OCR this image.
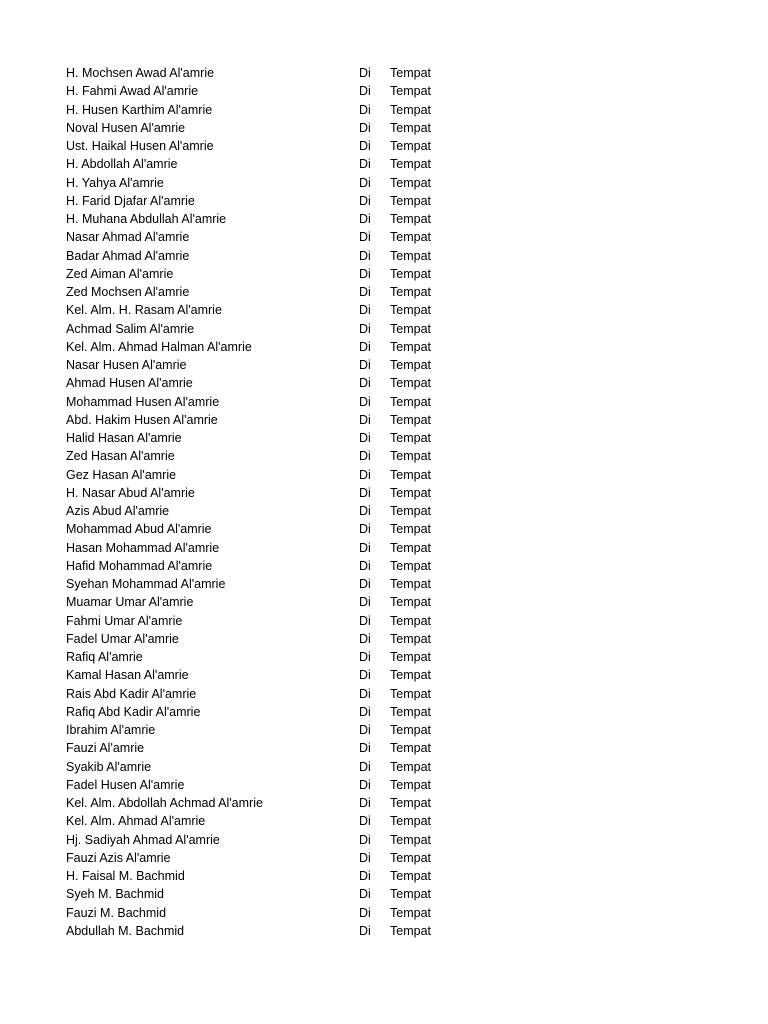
H. Mochsen Awad Al'amrie	Di Tempat
H. Fahmi Awad Al'amrie	Di Tempat
H. Husen Karthim Al'amrie	Di Tempat
Noval Husen Al'amrie	Di Tempat
Ust. Haikal Husen Al'amrie	Di Tempat
H. Abdollah Al'amrie	Di Tempat
H. Yahya Al'amrie	Di Tempat
H. Farid Djafar Al'amrie	Di Tempat
H. Muhana Abdullah Al'amrie	Di Tempat
Nasar Ahmad Al'amrie	Di Tempat
Badar Ahmad Al'amrie	Di Tempat
Zed Aiman Al'amrie	Di Tempat
Zed Mochsen Al'amrie	Di Tempat
Kel. Alm. H. Rasam Al'amrie	Di Tempat
Achmad Salim Al'amrie	Di Tempat
Kel. Alm. Ahmad Halman Al'amrie	Di Tempat
Nasar Husen Al'amrie	Di Tempat
Ahmad Husen Al'amrie	Di Tempat
Mohammad Husen Al'amrie	Di Tempat
Abd. Hakim Husen Al'amrie	Di Tempat
Halid Hasan Al'amrie	Di Tempat
Zed Hasan Al'amrie	Di Tempat
Gez Hasan Al'amrie	Di Tempat
H. Nasar Abud Al'amrie	Di Tempat
Azis Abud Al'amrie	Di Tempat
Mohammad Abud Al'amrie	Di Tempat
Hasan Mohammad Al'amrie	Di Tempat
Hafid Mohammad Al'amrie	Di Tempat
Syehan Mohammad Al'amrie	Di Tempat
Muamar Umar Al'amrie	Di Tempat
Fahmi Umar Al'amrie	Di Tempat
Fadel Umar Al'amrie	Di Tempat
Rafiq Al'amrie	Di Tempat
Kamal Hasan Al'amrie	Di Tempat
Rais Abd Kadir Al'amrie	Di Tempat
Rafiq Abd Kadir Al'amrie	Di Tempat
Ibrahim Al'amrie	Di Tempat
Fauzi Al'amrie	Di Tempat
Syakib Al'amrie	Di Tempat
Fadel Husen Al'amrie	Di Tempat
Kel. Alm. Abdollah Achmad Al'amrie	Di Tempat
Kel. Alm. Ahmad Al'amrie	Di Tempat
Hj. Sadiyah Ahmad Al'amrie	Di Tempat
Fauzi Azis Al'amrie	Di Tempat
H. Faisal M. Bachmid	Di Tempat
Syeh M. Bachmid	Di Tempat
Fauzi M. Bachmid	Di Tempat
Abdullah M. Bachmid	Di Tempat
